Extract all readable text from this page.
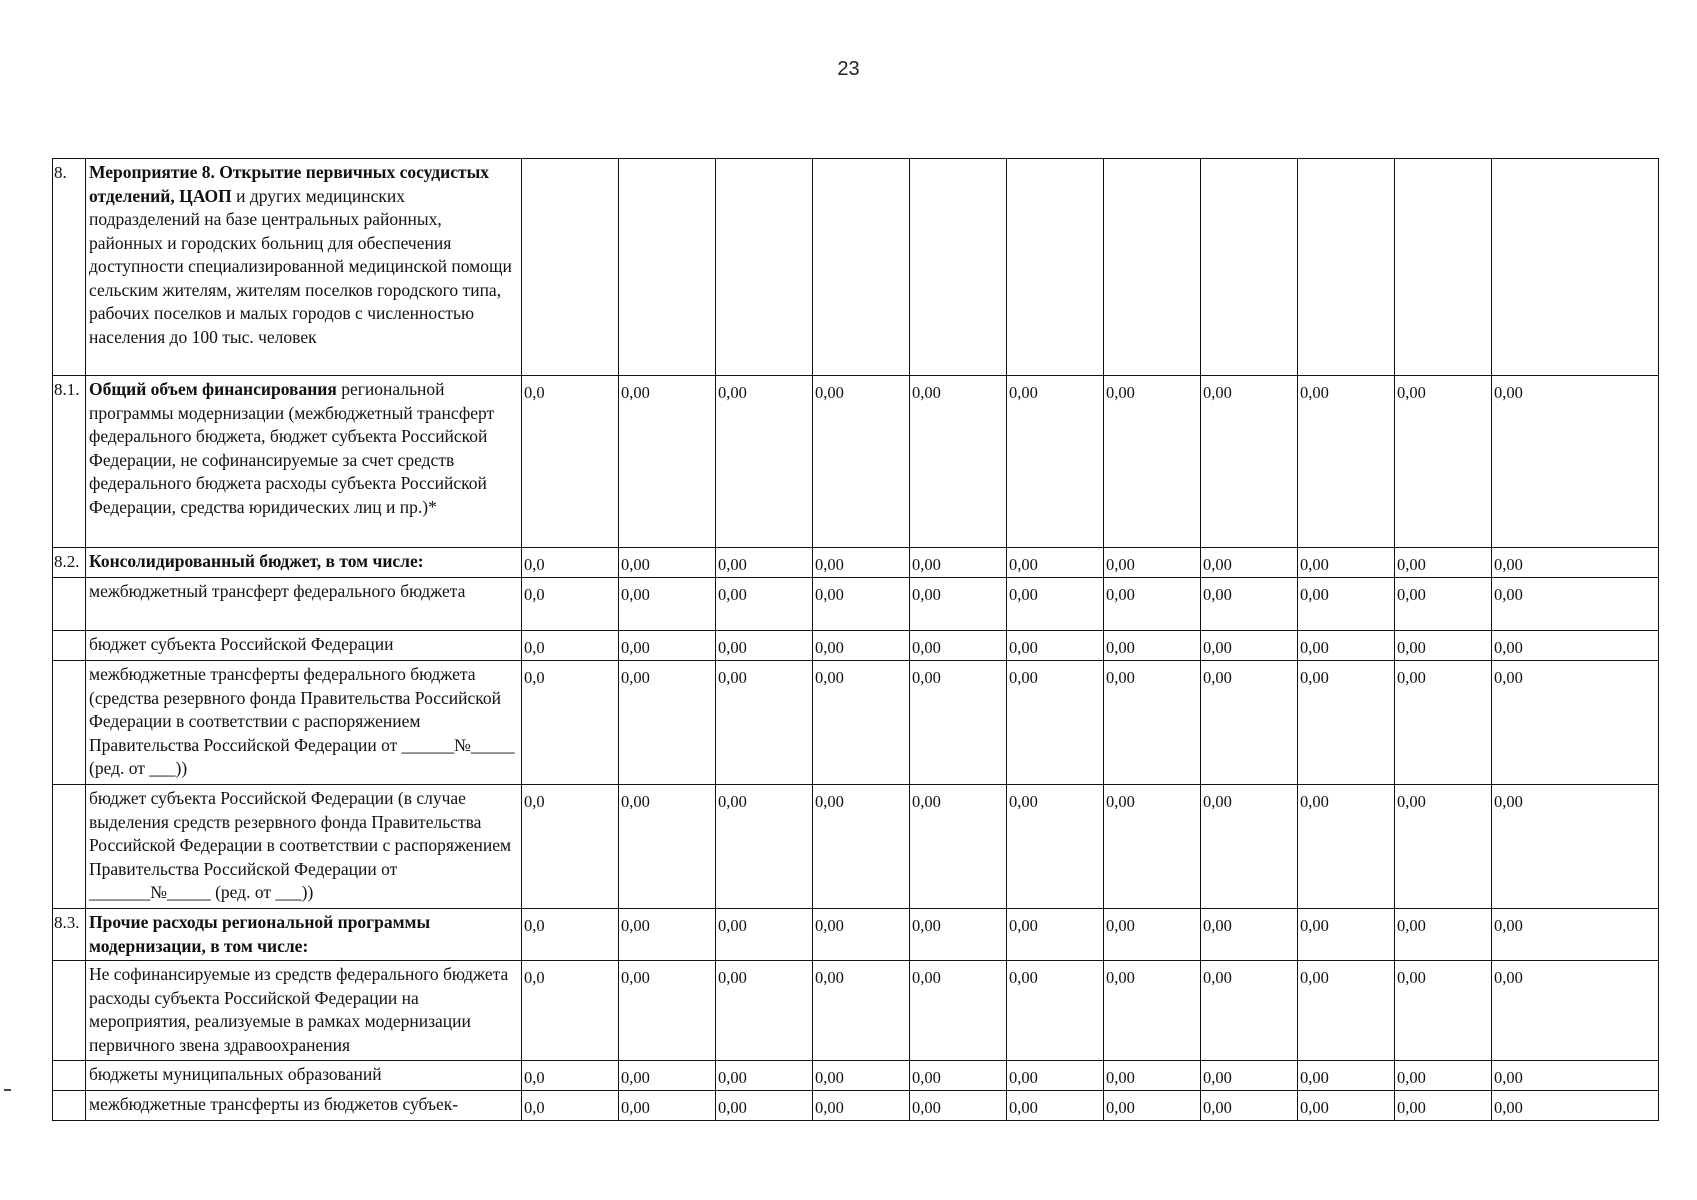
23
8.	Мероприятие 8. Открытие первичных сосудистых отделений, ЦАОП и других медицинских подразделений на базе центральных районных, районных и городских больниц для обеспечения доступности специализированной медицинской помощи сельским жителям, жителям поселков городского типа, рабочих поселков и малых городов с численностью населения до 100 тыс. человек											
8.1.	Общий объем финансирования региональной программы модернизации (межбюджетный трансферт федерального бюджета, бюджет субъекта Российской Федерации, не софинансируемые за счет средств федерального бюджета расходы субъекта Российской Федерации, средства юридических лиц и пр.)*	0,0	0,00	0,00	0,00	0,00	0,00	0,00	0,00	0,00	0,00	0,00
8.2.	Консолидированный бюджет, в том числе:	0,0	0,00	0,00	0,00	0,00	0,00	0,00	0,00	0,00	0,00	0,00
	межбюджетный трансферт федерального бюджета	0,0	0,00	0,00	0,00	0,00	0,00	0,00	0,00	0,00	0,00	0,00
	бюджет субъекта Российской Федерации	0,0	0,00	0,00	0,00	0,00	0,00	0,00	0,00	0,00	0,00	0,00
	межбюджетные трансферты федерального бюджета (средства резервного фонда Правительства Российской Федерации в соответствии с распоряжением Правительства Российской Федерации от ______№_____ (ред. от ___))	0,0	0,00	0,00	0,00	0,00	0,00	0,00	0,00	0,00	0,00	0,00
	бюджет субъекта Российской Федерации (в случае выделения средств резервного фонда Правительства Российской Федерации в соответствии с распоряжением Правительства Российской Федерации от _______№_____ (ред. от ___))	0,0	0,00	0,00	0,00	0,00	0,00	0,00	0,00	0,00	0,00	0,00
8.3.	Прочие расходы региональной программы модернизации, в том числе:	0,0	0,00	0,00	0,00	0,00	0,00	0,00	0,00	0,00	0,00	0,00
	Не софинансируемые из средств федерального бюджета расходы субъекта Российской Федерации на мероприятия, реализуемые в рамках модернизации первичного звена здравоохранения	0,0	0,00	0,00	0,00	0,00	0,00	0,00	0,00	0,00	0,00	0,00
	бюджеты муниципальных образований	0,0	0,00	0,00	0,00	0,00	0,00	0,00	0,00	0,00	0,00	0,00
	межбюджетные трансферты из бюджетов субъек-	0,0	0,00	0,00	0,00	0,00	0,00	0,00	0,00	0,00	0,00	0,00
